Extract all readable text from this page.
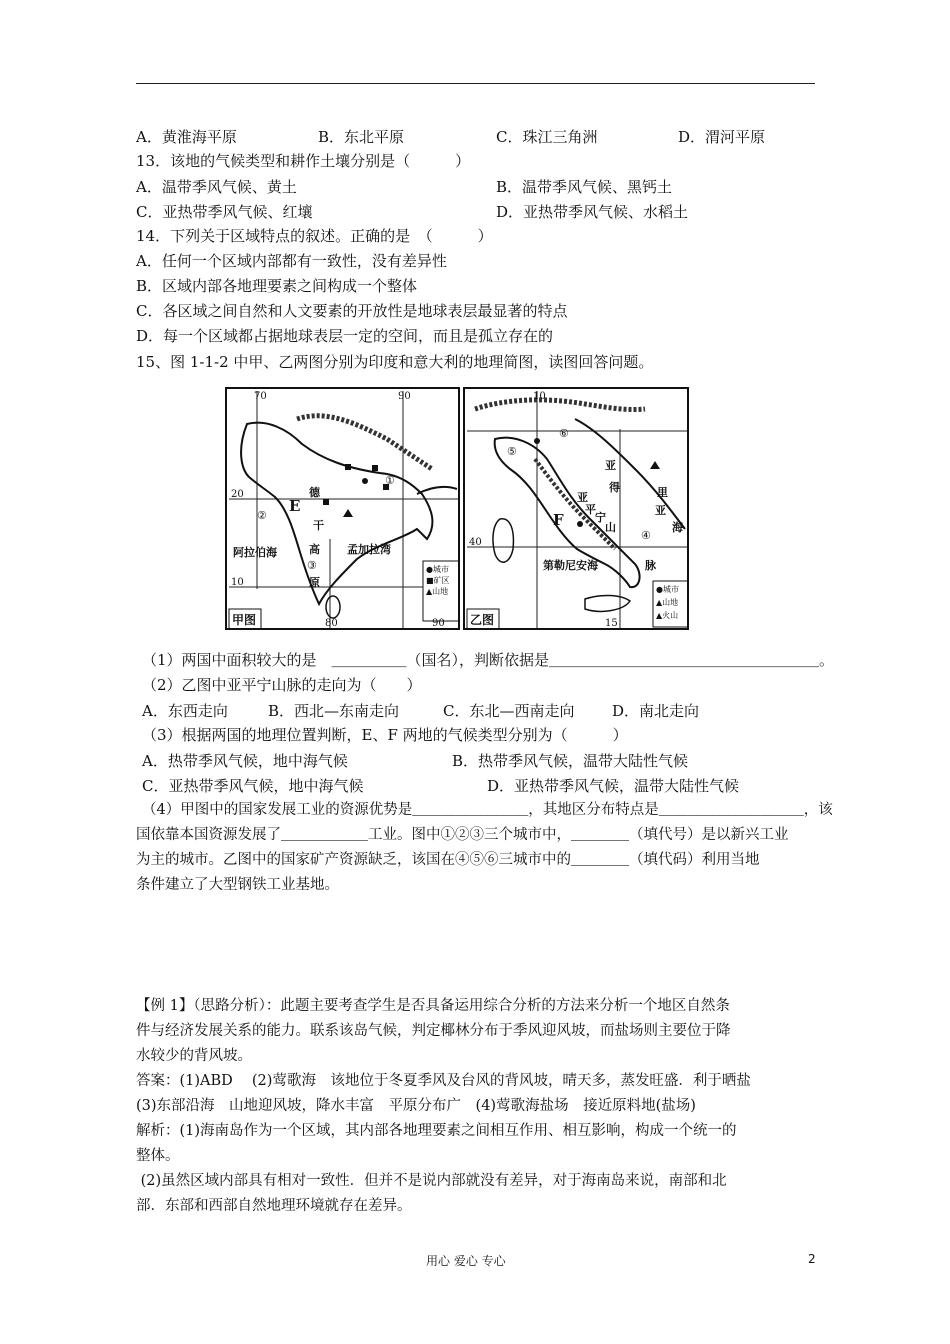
A．黄淮海平原	B．东北平原	C．珠江三角洲	D．渭河平原
13．该地的气候类型和耕作土壤分别是（　　　）
A．温带季风气候、黄土	B．温带季风气候、黑钙土
C．亚热带季风气候、红壤	D．亚热带季风气候、水稻土
14．下列关于区域特点的叙述。正确的是　（　　　）
A．任何一个区域内部都有一致性，没有差异性
B．区域内部各地理要素之间构成一个整体
C．各区域之间自然和人文要素的开放性是地球表层最显著的特点
D．每一个区域都占据地球表层一定的空间，而且是孤立存在的
15、图 1-1-2 中甲、乙两图分别为印度和意大利的地理简图，读图回答问题。
70	90
20
10
80	90
阿拉伯海	孟加拉湾
E
②
①
③
德
干
高
原
●城市
■矿区
▲山地
甲图
10
40
15
第勒尼安海
F
⑤
⑥
④
亚
得	里
亚
海
亚
平
宁
山
脉
●城市
▲山地
▲火山
乙图
（1）两国中面积较大的是　＿＿＿＿＿（国名），判断依据是＿＿＿＿＿＿＿＿＿＿＿＿＿＿＿＿＿＿。
（2）乙图中亚平宁山脉的走向为（　　）
A．东西走向	B．西北—东南走向	C．东北—西南走向	D．南北走向
（3）根据两国的地理位置判断，E、F 两地的气候类型分别为（　　　）
A．热带季风气候，地中海气候	B．热带季风气候，温带大陆性气候
C．亚热带季风气候，地中海气候	D．亚热带季风气候，温带大陆性气候
（4）甲图中的国家发展工业的资源优势是＿＿＿＿＿＿＿＿，其地区分布特点是＿＿＿＿＿＿＿＿＿＿，该
国依靠本国资源发展了＿＿＿＿＿＿工业。图中①②③三个城市中，＿＿＿＿（填代号）是以新兴工业
为主的城市。乙图中的国家矿产资源缺乏，该国在④⑤⑥三城市中的＿＿＿＿（填代码）利用当地
条件建立了大型钢铁工业基地。
【例 1】（思路分析）：此题主要考查学生是否具备运用综合分析的方法来分析一个地区自然条
件与经济发展关系的能力。联系该岛气候，判定椰林分布于季风迎风坡，而盐场则主要位于降
水较少的背风坡。
答案：(1)ABD　 (2)莺歌海　该地位于冬夏季风及台风的背风坡，晴天多，蒸发旺盛．利于晒盐
(3)东部沿海　山地迎风坡，降水丰富　平原分布广　(4)莺歌海盐场　接近原料地(盐场)
解析：(1)海南岛作为一个区域，其内部各地理要素之间相互作用、相互影响，构成一个统一的
整体。
(2)虽然区域内部具有相对一致性．但并不是说内部就没有差异，对于海南岛来说，南部和北
部．东部和西部自然地理环境就存在差异。
用心 爱心 专心	2
